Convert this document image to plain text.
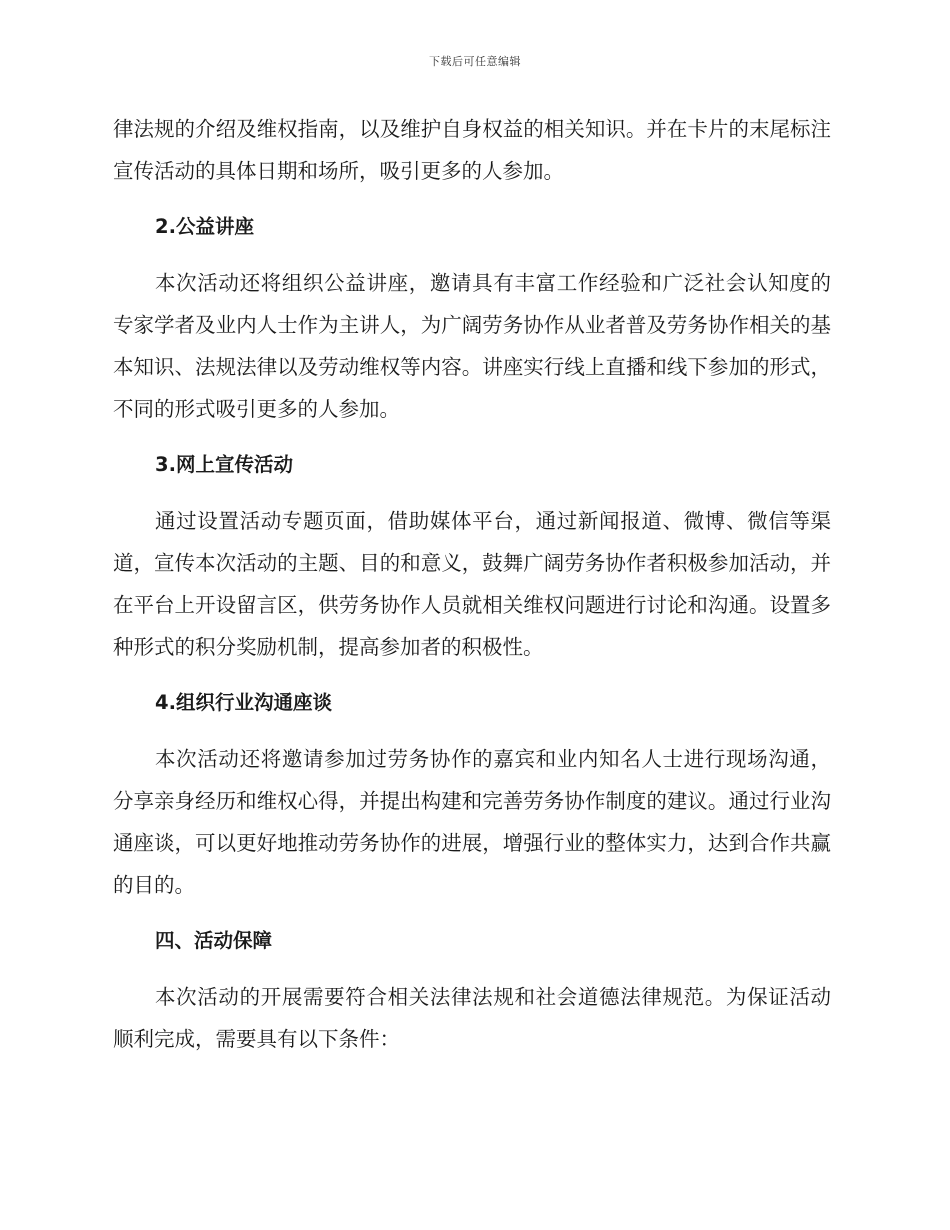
下载后可任意编辑

律法规的介绍及维权指南，以及维护自身权益的相关知识。并在卡片的末尾标注宣传活动的具体日期和场所，吸引更多的人参加。

2.公益讲座

本次活动还将组织公益讲座，邀请具有丰富工作经验和广泛社会认知度的专家学者及业内人士作为主讲人，为广阔劳务协作从业者普及劳务协作相关的基本知识、法规法律以及劳动维权等内容。讲座实行线上直播和线下参加的形式，不同的形式吸引更多的人参加。

3.网上宣传活动

通过设置活动专题页面，借助媒体平台，通过新闻报道、微博、微信等渠道，宣传本次活动的主题、目的和意义，鼓舞广阔劳务协作者积极参加活动，并在平台上开设留言区，供劳务协作人员就相关维权问题进行讨论和沟通。设置多种形式的积分奖励机制，提高参加者的积极性。

4.组织行业沟通座谈

本次活动还将邀请参加过劳务协作的嘉宾和业内知名人士进行现场沟通，分享亲身经历和维权心得，并提出构建和完善劳务协作制度的建议。通过行业沟通座谈，可以更好地推动劳务协作的进展，增强行业的整体实力，达到合作共赢的目的。

四、活动保障

本次活动的开展需要符合相关法律法规和社会道德法律规范。为保证活动顺利完成，需要具有以下条件：
